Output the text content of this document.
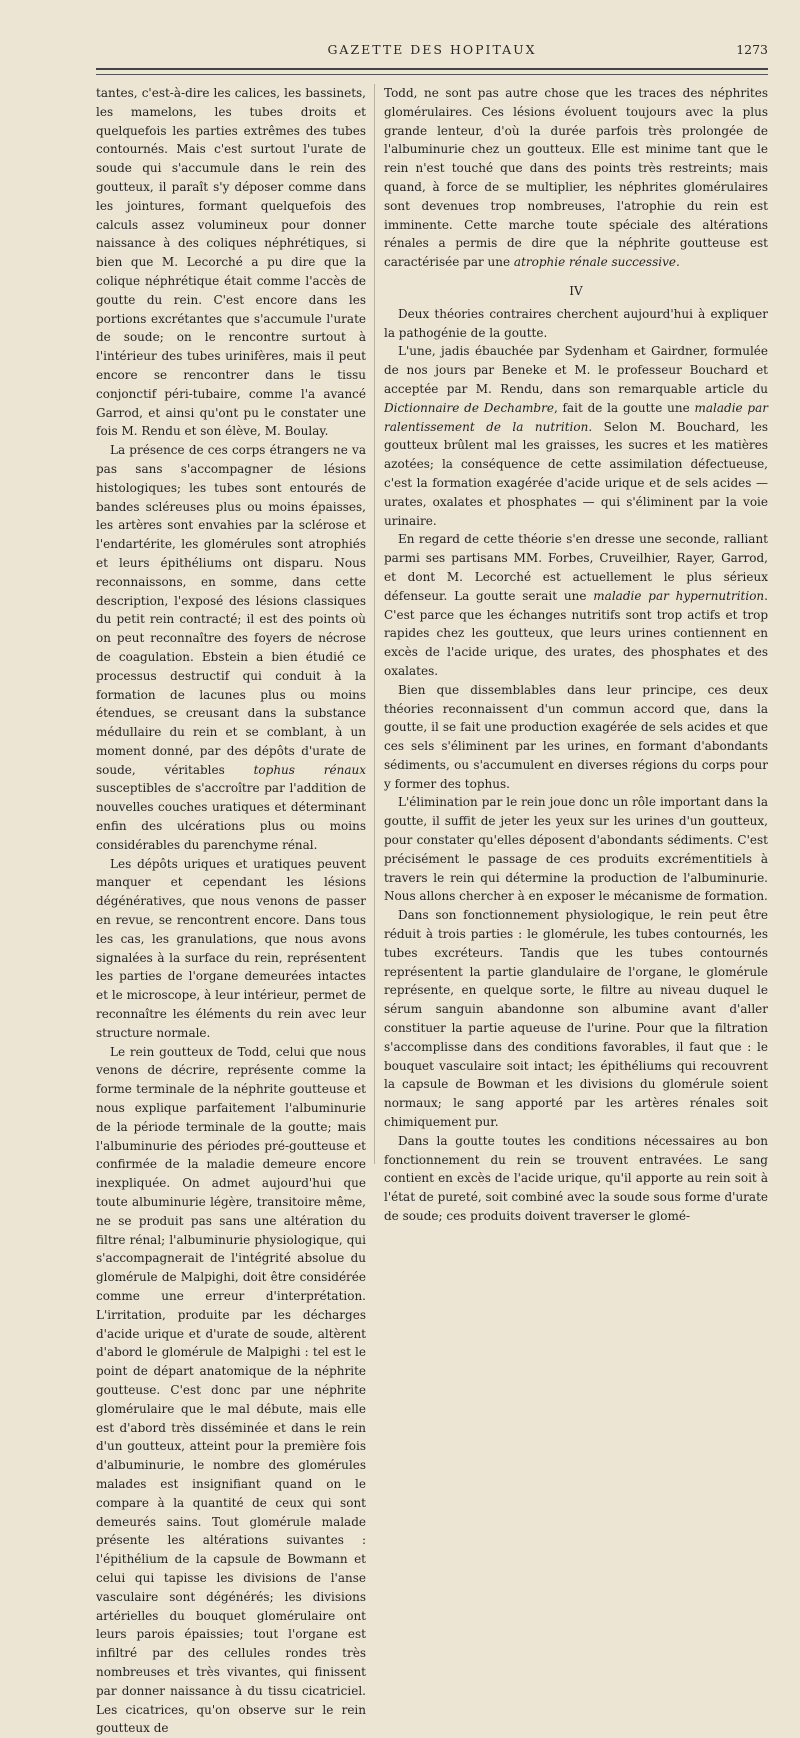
GAZETTE DES HOPITAUX	1273

tantes, c'est-à-dire les calices, les bassinets, les mamelons, les tubes droits et quelquefois les parties extrêmes des tubes contournés. Mais c'est surtout l'urate de soude qui s'accumule dans le rein des goutteux, il paraît s'y déposer comme dans les jointures, formant quelquefois des calculs assez volumineux pour donner naissance à des coliques néphrétiques, si bien que M. Lecorché a pu dire que la colique néphrétique était comme l'accès de goutte du rein. C'est encore dans les portions excrétantes que s'accumule l'urate de soude; on le rencontre surtout à l'intérieur des tubes urinifères, mais il peut encore se rencontrer dans le tissu conjonctif péri-tubaire, comme l'a avancé Garrod, et ainsi qu'ont pu le constater une fois M. Rendu et son élève, M. Boulay.

La présence de ces corps étrangers ne va pas sans s'accompagner de lésions histologiques; les tubes sont entourés de bandes scléreuses plus ou moins épaisses, les artères sont envahies par la sclérose et l'endartérite, les glomérules sont atrophiés et leurs épithéliums ont disparu. Nous reconnaissons, en somme, dans cette description, l'exposé des lésions classiques du petit rein contracté; il est des points où on peut reconnaître des foyers de nécrose de coagulation. Ebstein a bien étudié ce processus destructif qui conduit à la formation de lacunes plus ou moins étendues, se creusant dans la substance médullaire du rein et se comblant, à un moment donné, par des dépôts d'urate de soude, véritables tophus rénaux susceptibles de s'accroître par l'addition de nouvelles couches uratiques et déterminant enfin des ulcérations plus ou moins considérables du parenchyme rénal.

Les dépôts uriques et uratiques peuvent manquer et cependant les lésions dégénératives, que nous venons de passer en revue, se rencontrent encore. Dans tous les cas, les granulations, que nous avons signalées à la surface du rein, représentent les parties de l'organe demeurées intactes et le microscope, à leur intérieur, permet de reconnaître les éléments du rein avec leur structure normale.

Le rein goutteux de Todd, celui que nous venons de décrire, représente comme la forme terminale de la néphrite goutteuse et nous explique parfaitement l'albuminurie de la période terminale de la goutte; mais l'albuminurie des périodes pré-goutteuse et confirmée de la maladie demeure encore inexpliquée. On admet aujourd'hui que toute albuminurie légère, transitoire même, ne se produit pas sans une altération du filtre rénal; l'albuminurie physiologique, qui s'accompagnerait de l'intégrité absolue du glomérule de Malpighi, doit être considérée comme une erreur d'interprétation. L'irritation, produite par les décharges d'acide urique et d'urate de soude, altèrent d'abord le glomérule de Malpighi : tel est le point de départ anatomique de la néphrite goutteuse. C'est donc par une néphrite glomérulaire que le mal débute, mais elle est d'abord très disséminée et dans le rein d'un goutteux, atteint pour la première fois d'albuminurie, le nombre des glomérules malades est insignifiant quand on le compare à la quantité de ceux qui sont demeurés sains. Tout glomérule malade présente les altérations suivantes : l'épithélium de la capsule de Bowmann et celui qui tapisse les divisions de l'anse vasculaire sont dégénérés; les divisions artérielles du bouquet glomérulaire ont leurs parois épaissies; tout l'organe est infiltré par des cellules rondes très nombreuses et très vivantes, qui finissent par donner naissance à du tissu cicatriciel. Les cicatrices, qu'on observe sur le rein goutteux de

Todd, ne sont pas autre chose que les traces des néphrites glomérulaires. Ces lésions évoluent toujours avec la plus grande lenteur, d'où la durée parfois très prolongée de l'albuminurie chez un goutteux. Elle est minime tant que le rein n'est touché que dans des points très restreints; mais quand, à force de se multiplier, les néphrites glomérulaires sont devenues trop nombreuses, l'atrophie du rein est imminente. Cette marche toute spéciale des altérations rénales a permis de dire que la néphrite goutteuse est caractérisée par une atrophie rénale successive.

IV

Deux théories contraires cherchent aujourd'hui à expliquer la pathogénie de la goutte.

L'une, jadis ébauchée par Sydenham et Gairdner, formulée de nos jours par Beneke et M. le professeur Bouchard et acceptée par M. Rendu, dans son remarquable article du Dictionnaire de Dechambre, fait de la goutte une maladie par ralentissement de la nutrition. Selon M. Bouchard, les goutteux brûlent mal les graisses, les sucres et les matières azotées; la conséquence de cette assimilation défectueuse, c'est la formation exagérée d'acide urique et de sels acides — urates, oxalates et phosphates — qui s'éliminent par la voie urinaire.

En regard de cette théorie s'en dresse une seconde, ralliant parmi ses partisans MM. Forbes, Cruveilhier, Rayer, Garrod, et dont M. Lecorché est actuellement le plus sérieux défenseur. La goutte serait une maladie par hypernutrition. C'est parce que les échanges nutritifs sont trop actifs et trop rapides chez les goutteux, que leurs urines contiennent en excès de l'acide urique, des urates, des phosphates et des oxalates.

Bien que dissemblables dans leur principe, ces deux théories reconnaissent d'un commun accord que, dans la goutte, il se fait une production exagérée de sels acides et que ces sels s'éliminent par les urines, en formant d'abondants sédiments, ou s'accumulent en diverses régions du corps pour y former des tophus.

L'élimination par le rein joue donc un rôle important dans la goutte, il suffit de jeter les yeux sur les urines d'un goutteux, pour constater qu'elles déposent d'abondants sédiments. C'est précisément le passage de ces produits excrémentitiels à travers le rein qui détermine la production de l'albuminurie. Nous allons chercher à en exposer le mécanisme de formation.

Dans son fonctionnement physiologique, le rein peut être réduit à trois parties : le glomérule, les tubes contournés, les tubes excréteurs. Tandis que les tubes contournés représentent la partie glandulaire de l'organe, le glomérule représente, en quelque sorte, le filtre au niveau duquel le sérum sanguin abandonne son albumine avant d'aller constituer la partie aqueuse de l'urine. Pour que la filtration s'accomplisse dans des conditions favorables, il faut que : le bouquet vasculaire soit intact; les épithéliums qui recouvrent la capsule de Bowman et les divisions du glomérule soient normaux; le sang apporté par les artères rénales soit chimiquement pur.

Dans la goutte toutes les conditions nécessaires au bon fonctionnement du rein se trouvent entravées. Le sang contient en excès de l'acide urique, qu'il apporte au rein soit à l'état de pureté, soit combiné avec la soude sous forme d'urate de soude; ces produits doivent traverser le glomé-
